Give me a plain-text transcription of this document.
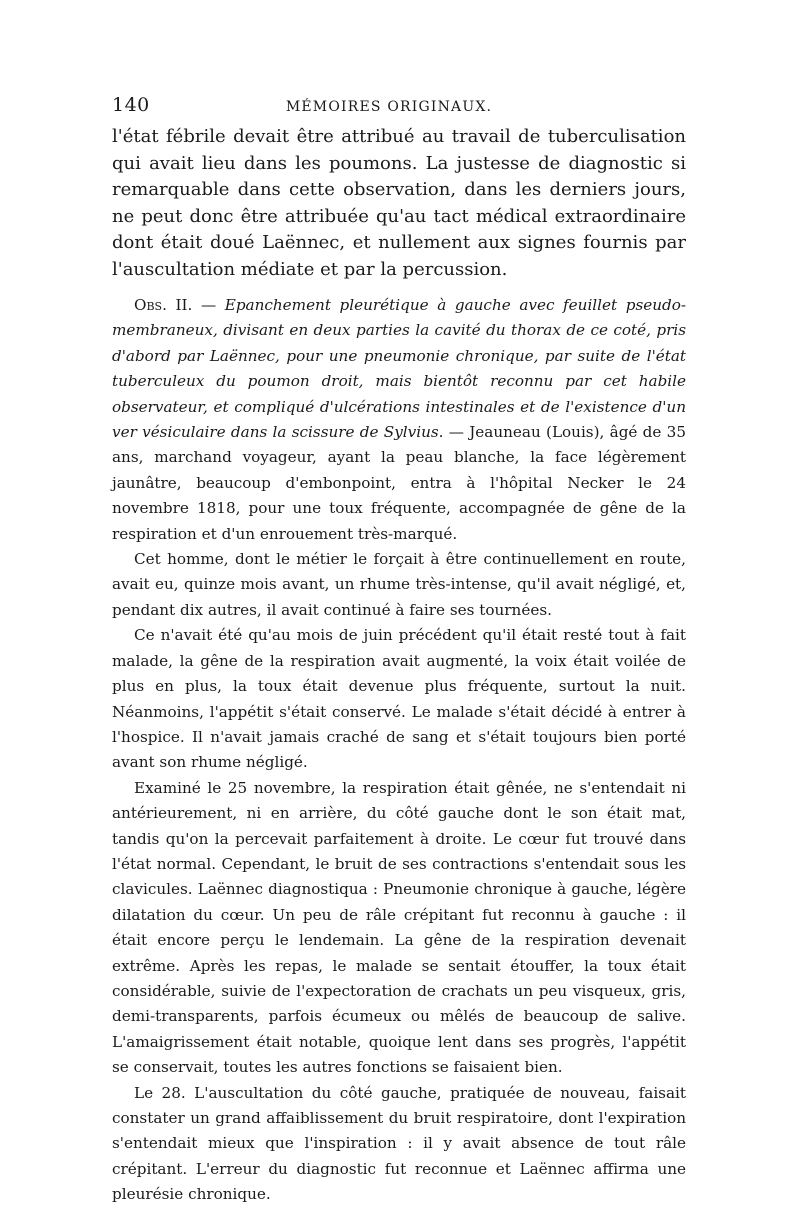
140	MÉMOIRES ORIGINAUX.

l'état fébrile devait être attribué au travail de tuberculisation qui avait lieu dans les poumons. La justesse de diagnostic si remarquable dans cette observation, dans les derniers jours, ne peut donc être attribuée qu'au tact médical extraordinaire dont était doué Laënnec, et nullement aux signes fournis par l'auscultation médiate et par la percussion.

Obs. II. — Epanchement pleurétique à gauche avec feuillet pseudo-membraneux, divisant en deux parties la cavité du thorax de ce coté, pris d'abord par Laënnec, pour une pneumonie chronique, par suite de l'état tuberculeux du poumon droit, mais bientôt reconnu par cet habile observateur, et compliqué d'ulcérations intestinales et de l'existence d'un ver vésiculaire dans la scissure de Sylvius. — Jeauneau (Louis), âgé de 35 ans, marchand voyageur, ayant la peau blanche, la face légèrement jaunâtre, beaucoup d'embonpoint, entra à l'hôpital Necker le 24 novembre 1818, pour une toux fréquente, accompagnée de gêne de la respiration et d'un enrouement très-marqué.

Cet homme, dont le métier le forçait à être continuellement en route, avait eu, quinze mois avant, un rhume très-intense, qu'il avait négligé, et, pendant dix autres, il avait continué à faire ses tournées.

Ce n'avait été qu'au mois de juin précédent qu'il était resté tout à fait malade, la gêne de la respiration avait augmenté, la voix était voilée de plus en plus, la toux était devenue plus fréquente, surtout la nuit. Néanmoins, l'appétit s'était conservé. Le malade s'était décidé à entrer à l'hospice. Il n'avait jamais craché de sang et s'était toujours bien porté avant son rhume négligé.

Examiné le 25 novembre, la respiration était gênée, ne s'entendait ni antérieurement, ni en arrière, du côté gauche dont le son était mat, tandis qu'on la percevait parfaitement à droite. Le cœur fut trouvé dans l'état normal. Cependant, le bruit de ses contractions s'entendait sous les clavicules. Laënnec diagnostiqua : Pneumonie chronique à gauche, légère dilatation du cœur. Un peu de râle crépitant fut reconnu à gauche : il était encore perçu le lendemain. La gêne de la respiration devenait extrême. Après les repas, le malade se sentait étouffer, la toux était considérable, suivie de l'expectoration de crachats un peu visqueux, gris, demi-transparents, parfois écumeux ou mêlés de beaucoup de salive. L'amaigrissement était notable, quoique lent dans ses progrès, l'appétit se conservait, toutes les autres fonctions se faisaient bien.

Le 28. L'auscultation du côté gauche, pratiquée de nouveau, faisait constater un grand affaiblissement du bruit respiratoire, dont l'expiration s'entendait mieux que l'inspiration : il y avait absence de tout râle crépitant. L'erreur du diagnostic fut reconnue et Laënnec affirma une pleurésie chronique.
